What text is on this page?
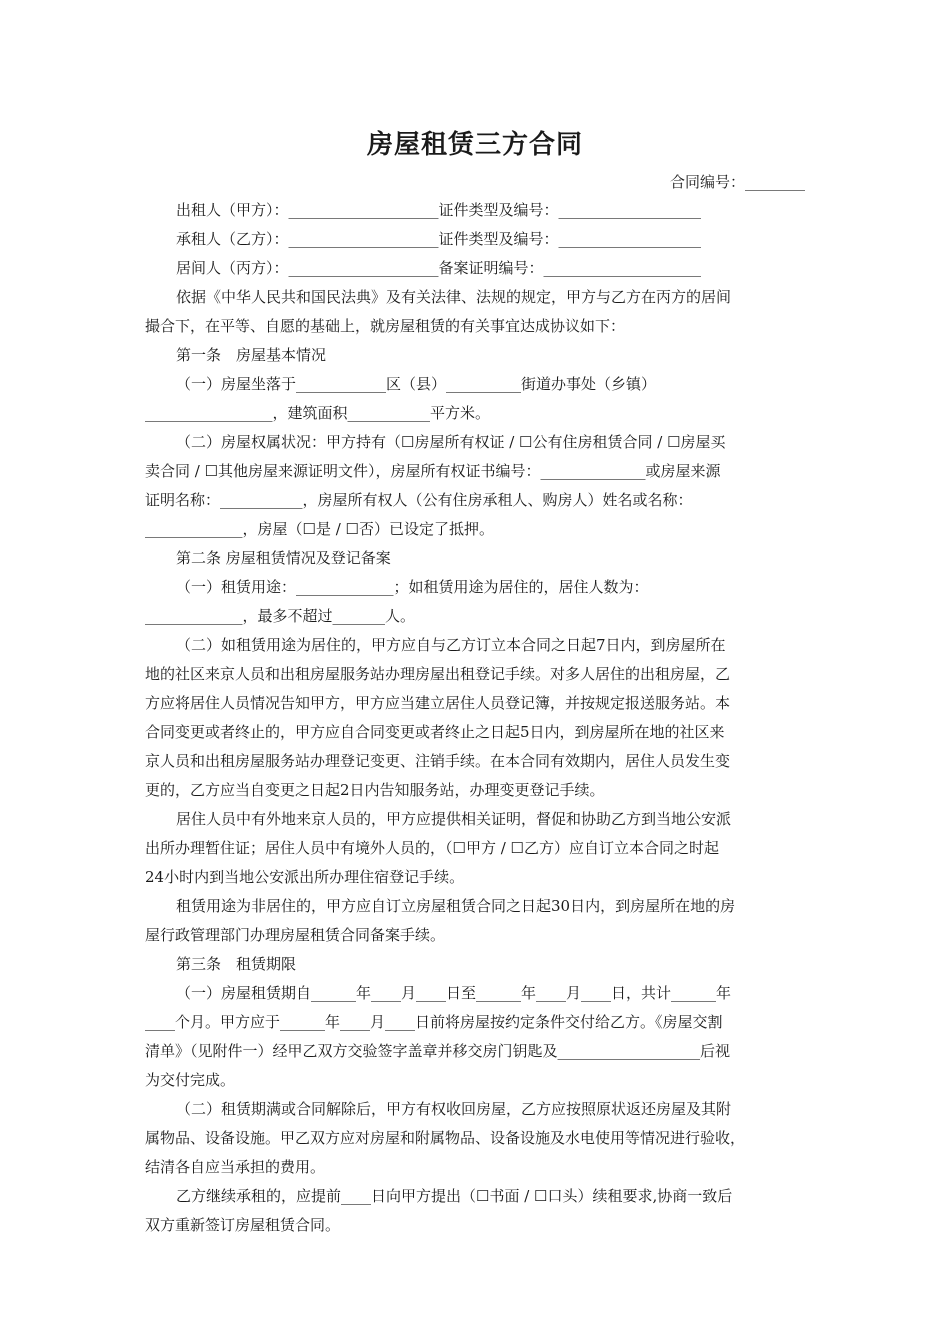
房屋租赁三方合同
合同编号：________
出租人（甲方）：____________________证件类型及编号：___________________
承租人（乙方）：____________________证件类型及编号：___________________
居间人（丙方）：____________________备案证明编号：_____________________
依据《中华人民共和国民法典》及有关法律、法规的规定，甲方与乙方在丙方的居间
撮合下，在平等、自愿的基础上，就房屋租赁的有关事宜达成协议如下：
第一条　房屋基本情况
（一）房屋坐落于____________区（县）__________街道办事处（乡镇）
_________________，建筑面积___________平方米。
（二）房屋权属状况：甲方持有（☐房屋所有权证 / ☐公有住房租赁合同 / ☐房屋买
卖合同 / ☐其他房屋来源证明文件），房屋所有权证书编号：______________或房屋来源
证明名称：___________，房屋所有权人（公有住房承租人、购房人）姓名或名称：
_____________，房屋（☐是 / ☐否）已设定了抵押。
第二条 房屋租赁情况及登记备案
（一）租赁用途：_____________；如租赁用途为居住的，居住人数为：
_____________，最多不超过_______人。
（二）如租赁用途为居住的，甲方应自与乙方订立本合同之日起7日内，到房屋所在
地的社区来京人员和出租房屋服务站办理房屋出租登记手续。对多人居住的出租房屋，乙
方应将居住人员情况告知甲方，甲方应当建立居住人员登记簿，并按规定报送服务站。本
合同变更或者终止的，甲方应自合同变更或者终止之日起5日内，到房屋所在地的社区来
京人员和出租房屋服务站办理登记变更、注销手续。在本合同有效期内，居住人员发生变
更的，乙方应当自变更之日起2日内告知服务站，办理变更登记手续。
居住人员中有外地来京人员的，甲方应提供相关证明，督促和协助乙方到当地公安派
出所办理暂住证；居住人员中有境外人员的，（☐甲方 / ☐乙方）应自订立本合同之时起
24小时内到当地公安派出所办理住宿登记手续。
租赁用途为非居住的，甲方应自订立房屋租赁合同之日起30日内，到房屋所在地的房
屋行政管理部门办理房屋租赁合同备案手续。
第三条　租赁期限
（一）房屋租赁期自______年____月____日至______年____月____日，共计______年
____个月。甲方应于______年____月____日前将房屋按约定条件交付给乙方。《房屋交割
清单》（见附件一）经甲乙双方交验签字盖章并移交房门钥匙及___________________后视
为交付完成。
（二）租赁期满或合同解除后，甲方有权收回房屋，乙方应按照原状返还房屋及其附
属物品、设备设施。甲乙双方应对房屋和附属物品、设备设施及水电使用等情况进行验收，
结清各自应当承担的费用。
乙方继续承租的，应提前____日向甲方提出（☐书面 / ☐口头）续租要求,协商一致后
双方重新签订房屋租赁合同。
